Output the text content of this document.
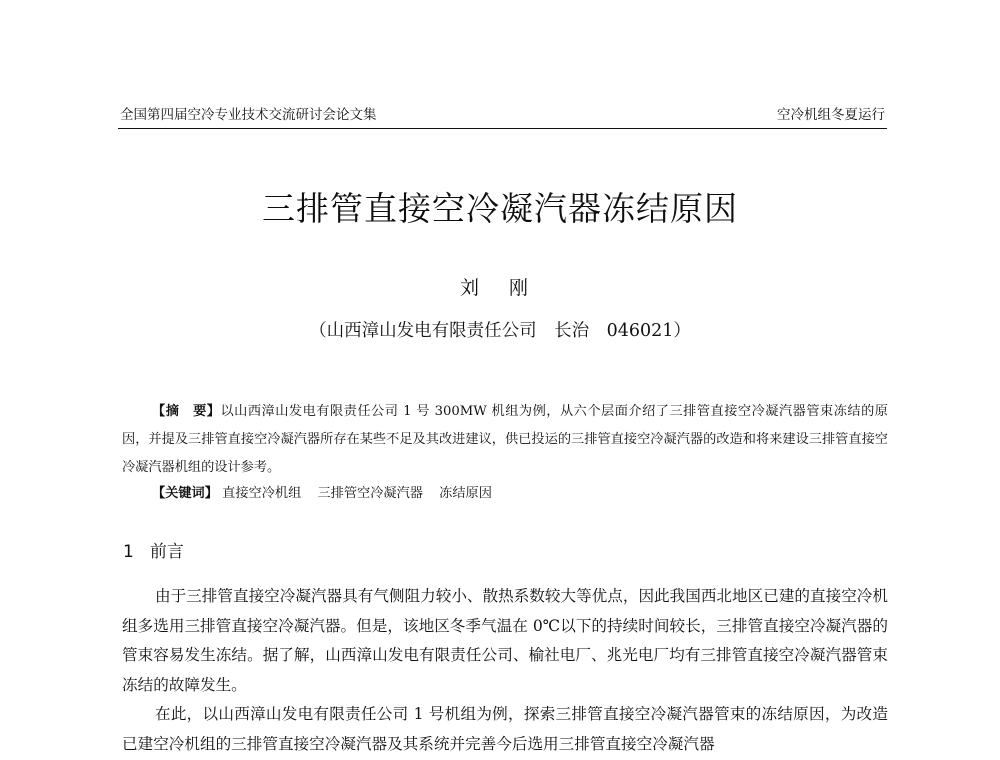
全国第四届空冷专业技术交流研讨会论文集	空冷机组冬夏运行
三排管直接空冷凝汽器冻结原因
刘 刚
（山西漳山发电有限责任公司　长治　046021）
【摘　要】以山西漳山发电有限责任公司 1 号 300MW 机组为例，从六个层面介绍了三排管直接空冷凝汽器管束冻结的原因，并提及三排管直接空冷凝汽器所存在某些不足及其改进建议，供已投运的三排管直接空冷凝汽器的改造和将来建设三排管直接空冷凝汽器机组的设计参考。
【关键词】 直接空冷机组 三排管空冷凝汽器 冻结原因
1 前言

由于三排管直接空冷凝汽器具有气侧阻力较小、散热系数较大等优点，因此我国西北地区已建的直接空冷机组多选用三排管直接空冷凝汽器。但是，该地区冬季气温在 0℃以下的持续时间较长，三排管直接空冷凝汽器的管束容易发生冻结。据了解，山西漳山发电有限责任公司、榆社电厂、兆光电厂均有三排管直接空冷凝汽器管束冻结的故障发生。

在此，以山西漳山发电有限责任公司 1 号机组为例，探索三排管直接空冷凝汽器管束的冻结原因，为改造已建空冷机组的三排管直接空冷凝汽器及其系统并完善今后选用三排管直接空冷凝汽器
